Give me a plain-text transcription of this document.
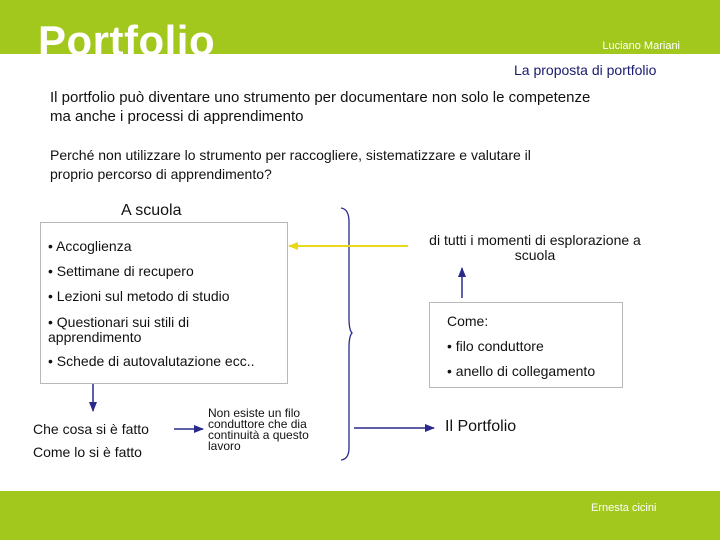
Portfolio	Luciano Mariani
La proposta di portfolio
Il portfolio può diventare uno strumento per documentare non solo le competenze ma anche i processi di apprendimento
Perché non utilizzare lo strumento per raccogliere, sistematizzare e valutare il proprio percorso di apprendimento?
A scuola
• Accoglienza
• Settimane di recupero
• Lezioni sul metodo di studio
• Questionari sui stili di apprendimento
• Schede di autovalutazione ecc..
di tutti i momenti di esplorazione a scuola
Come:
• filo conduttore
• anello di collegamento
Che cosa si è fatto
Come lo si è fatto
Non esiste un filo conduttore che dia continuità a questo lavoro
Il Portfolio
Ernesta cicini
